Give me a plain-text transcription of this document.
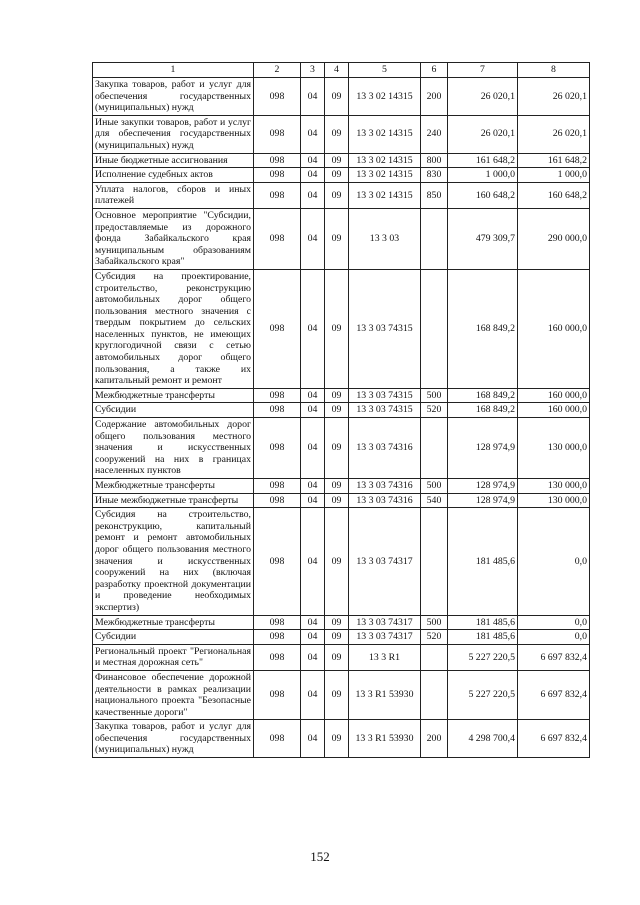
1	2	3	4	5	6	7	8
Закупка товаров, работ и услуг для обеспечения государственных (муниципальных) нужд	098	04	09	13 3 02 14315	200	26 020,1	26 020,1
Иные закупки товаров, работ и услуг для обеспечения государственных (муниципальных) нужд	098	04	09	13 3 02 14315	240	26 020,1	26 020,1
Иные бюджетные ассигнования	098	04	09	13 3 02 14315	800	161 648,2	161 648,2
Исполнение судебных актов	098	04	09	13 3 02 14315	830	1 000,0	1 000,0
Уплата налогов, сборов и иных платежей	098	04	09	13 3 02 14315	850	160 648,2	160 648,2
Основное мероприятие "Субсидии, предоставляемые из дорожного фонда Забайкальского края муниципальным образованиям Забайкальского края"	098	04	09	13 3 03		479 309,7	290 000,0
Субсидия на проектирование, строительство, реконструкцию автомобильных дорог общего пользования местного значения с твердым покрытием до сельских населенных пунктов, не имеющих круглогодичной связи с сетью автомобильных дорог общего пользования, а также их капитальный ремонт и ремонт	098	04	09	13 3 03 74315		168 849,2	160 000,0
Межбюджетные трансферты	098	04	09	13 3 03 74315	500	168 849,2	160 000,0
Субсидии	098	04	09	13 3 03 74315	520	168 849,2	160 000,0
Содержание автомобильных дорог общего пользования местного значения и искусственных сооружений на них в границах населенных пунктов	098	04	09	13 3 03 74316		128 974,9	130 000,0
Межбюджетные трансферты	098	04	09	13 3 03 74316	500	128 974,9	130 000,0
Иные межбюджетные трансферты	098	04	09	13 3 03 74316	540	128 974,9	130 000,0
Субсидия на строительство, реконструкцию, капитальный ремонт и ремонт автомобильных дорог общего пользования местного значения и искусственных сооружений на них (включая разработку проектной документации и проведение необходимых экспертиз)	098	04	09	13 3 03 74317		181 485,6	0,0
Межбюджетные трансферты	098	04	09	13 3 03 74317	500	181 485,6	0,0
Субсидии	098	04	09	13 3 03 74317	520	181 485,6	0,0
Региональный проект "Региональная и местная дорожная сеть"	098	04	09	13 3 R1		5 227 220,5	6 697 832,4
Финансовое обеспечение дорожной деятельности в рамках реализации национального проекта "Безопасные качественные дороги"	098	04	09	13 3 R1 53930		5 227 220,5	6 697 832,4
Закупка товаров, работ и услуг для обеспечения государственных (муниципальных) нужд	098	04	09	13 3 R1 53930	200	4 298 700,4	6 697 832,4
152
